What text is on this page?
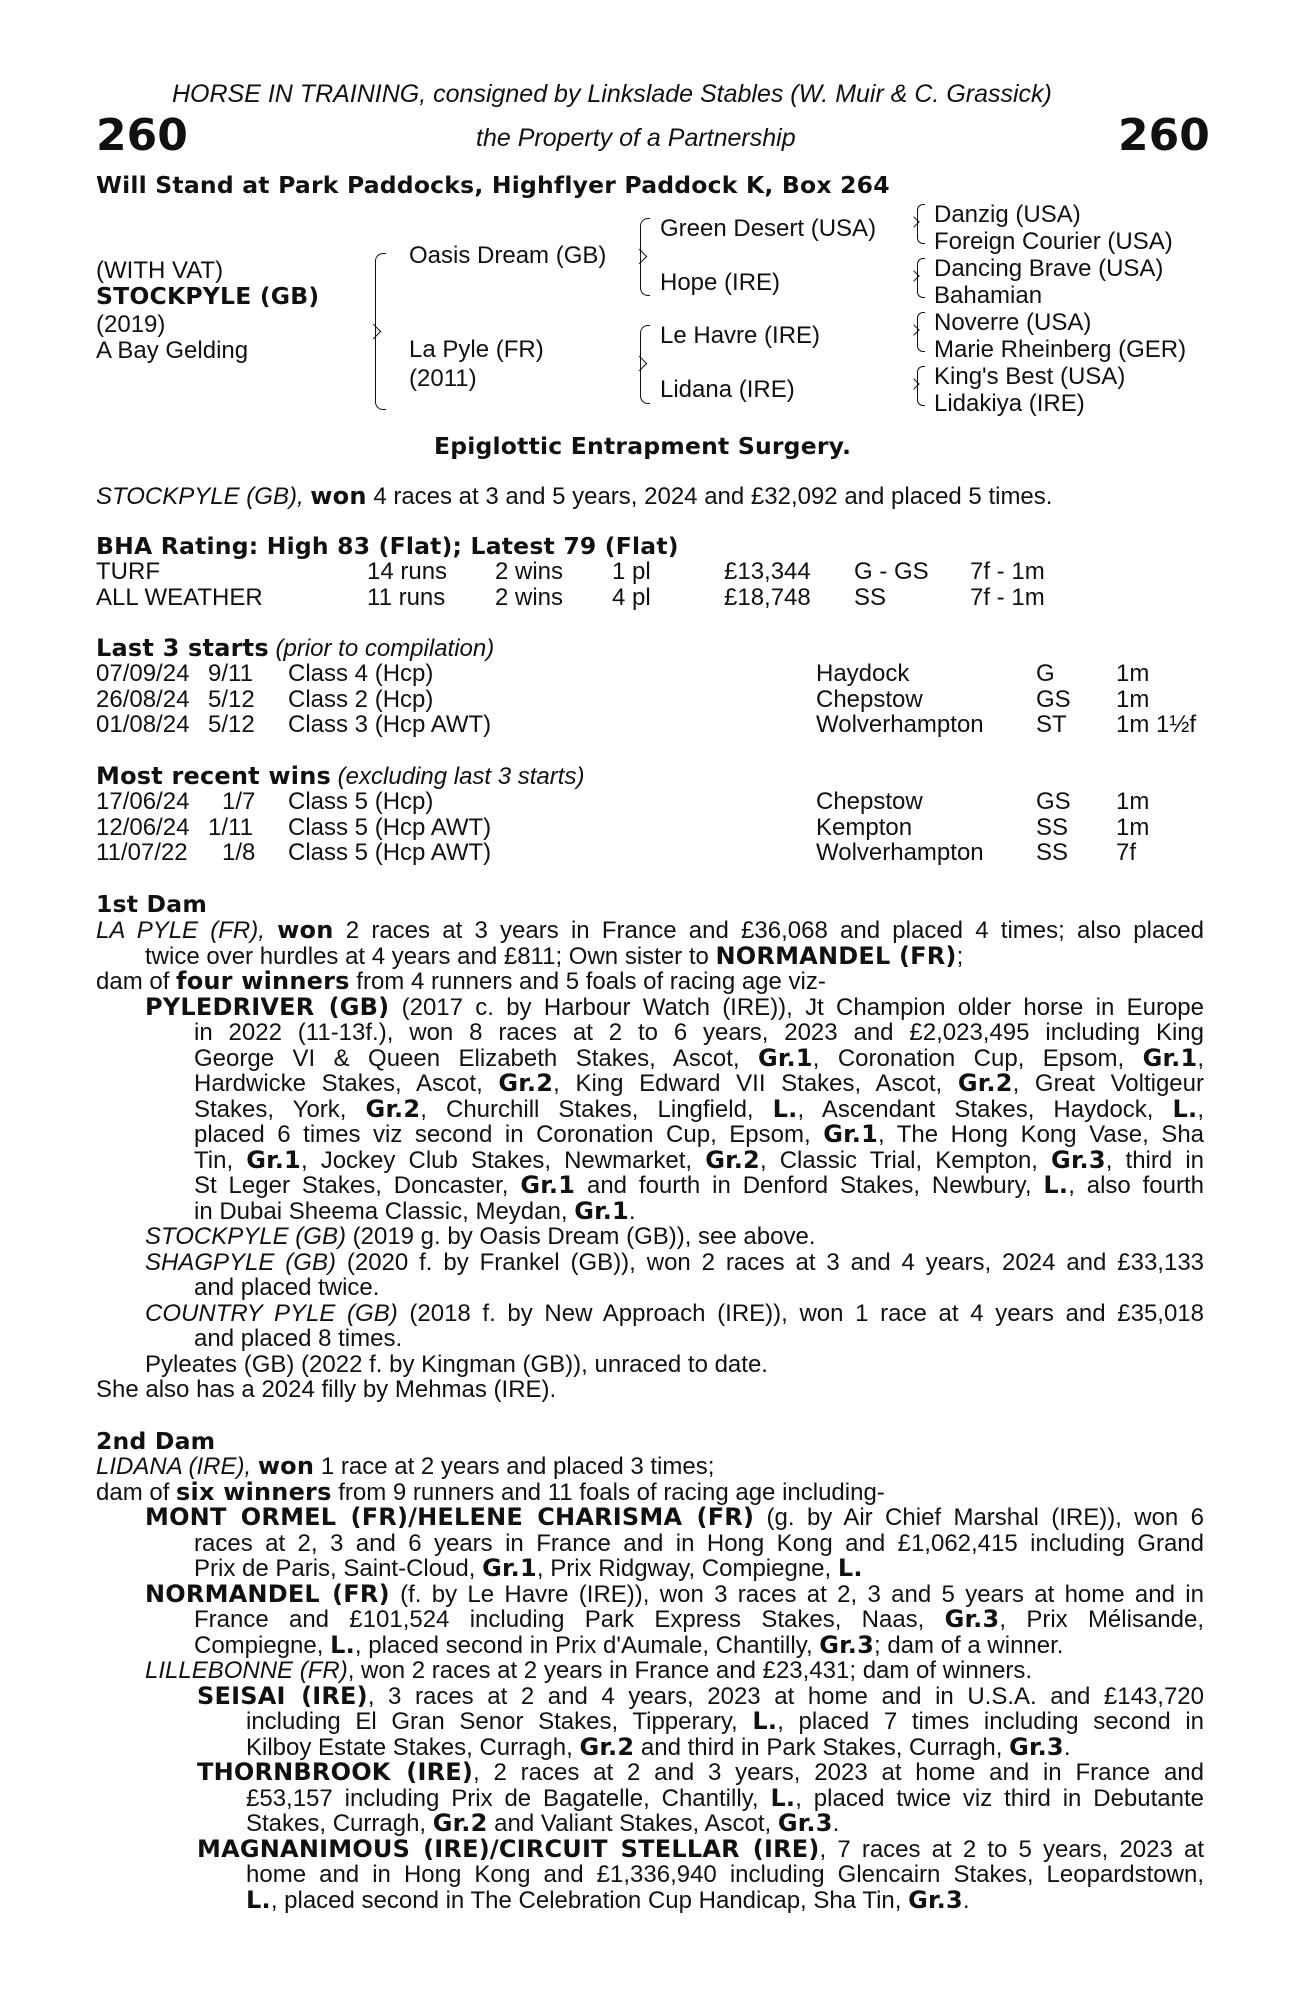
HORSE IN TRAINING, consigned by Linkslade Stables (W. Muir & C. Grassick)
260	the Property of a Partnership	260
Will Stand at Park Paddocks, Highflyer Paddock K, Box 264
(WITH VAT)
STOCKPYLE (GB)
(2019)
A Bay Gelding
Oasis Dream (GB)
La Pyle (FR)
(2011)
Green Desert (USA)
Hope (IRE)
Le Havre (IRE)
Lidana (IRE)
Danzig (USA)
Foreign Courier (USA)
Dancing Brave (USA)
Bahamian
Noverre (USA)
Marie Rheinberg (GER)
King's Best (USA)
Lidakiya (IRE)
Epiglottic Entrapment Surgery.
STOCKPYLE (GB), won 4 races at 3 and 5 years, 2024 and £32,092 and placed 5 times.
BHA Rating: High 83 (Flat); Latest 79 (Flat)
TURF	14 runs 2 wins 1 pl	£13,344 G - GS 7f - 1m
ALL WEATHER	11 runs 2 wins 4 pl	£18,748 SS	7f - 1m
Last 3 starts (prior to compilation)
07/09/24 9/11 Class 4 (Hcp)	Haydock	G	1m
26/08/24 5/12 Class 2 (Hcp)	Chepstow	GS 1m
01/08/24 5/12 Class 3 (Hcp AWT)	Wolverhampton ST 1m 1½f
Most recent wins (excluding last 3 starts)
17/06/24 1/7 Class 5 (Hcp)	Chepstow	GS 1m
12/06/24 1/11 Class 5 (Hcp AWT)	Kempton	SS 1m
11/07/22 1/8 Class 5 (Hcp AWT)	Wolverhampton SS 7f
1st Dam
LA PYLE (FR), won 2 races at 3 years in France and £36,068 and placed 4 times; also placed
twice over hurdles at 4 years and £811; Own sister to NORMANDEL (FR);
dam of four winners from 4 runners and 5 foals of racing age viz-
PYLEDRIVER (GB) (2017 c. by Harbour Watch (IRE)), Jt Champion older horse in Europe
in 2022 (11-13f.), won 8 races at 2 to 6 years, 2023 and £2,023,495 including King
George VI & Queen Elizabeth Stakes, Ascot, Gr.1, Coronation Cup, Epsom, Gr.1,
Hardwicke Stakes, Ascot, Gr.2, King Edward VII Stakes, Ascot, Gr.2, Great Voltigeur
Stakes, York, Gr.2, Churchill Stakes, Lingfield, L., Ascendant Stakes, Haydock, L.,
placed 6 times viz second in Coronation Cup, Epsom, Gr.1, The Hong Kong Vase, Sha
Tin, Gr.1, Jockey Club Stakes, Newmarket, Gr.2, Classic Trial, Kempton, Gr.3, third in
St Leger Stakes, Doncaster, Gr.1 and fourth in Denford Stakes, Newbury, L., also fourth
in Dubai Sheema Classic, Meydan, Gr.1.
STOCKPYLE (GB) (2019 g. by Oasis Dream (GB)), see above.
SHAGPYLE (GB) (2020 f. by Frankel (GB)), won 2 races at 3 and 4 years, 2024 and £33,133
and placed twice.
COUNTRY PYLE (GB) (2018 f. by New Approach (IRE)), won 1 race at 4 years and £35,018
and placed 8 times.
Pyleates (GB) (2022 f. by Kingman (GB)), unraced to date.
She also has a 2024 filly by Mehmas (IRE).
2nd Dam
LIDANA (IRE), won 1 race at 2 years and placed 3 times;
dam of six winners from 9 runners and 11 foals of racing age including-
MONT ORMEL (FR)/HELENE CHARISMA (FR) (g. by Air Chief Marshal (IRE)), won 6
races at 2, 3 and 6 years in France and in Hong Kong and £1,062,415 including Grand
Prix de Paris, Saint-Cloud, Gr.1, Prix Ridgway, Compiegne, L.
NORMANDEL (FR) (f. by Le Havre (IRE)), won 3 races at 2, 3 and 5 years at home and in
France and £101,524 including Park Express Stakes, Naas, Gr.3, Prix Mélisande,
Compiegne, L., placed second in Prix d'Aumale, Chantilly, Gr.3; dam of a winner.
LILLEBONNE (FR), won 2 races at 2 years in France and £23,431; dam of winners.
SEISAI (IRE), 3 races at 2 and 4 years, 2023 at home and in U.S.A. and £143,720
including El Gran Senor Stakes, Tipperary, L., placed 7 times including second in
Kilboy Estate Stakes, Curragh, Gr.2 and third in Park Stakes, Curragh, Gr.3.
THORNBROOK (IRE), 2 races at 2 and 3 years, 2023 at home and in France and
£53,157 including Prix de Bagatelle, Chantilly, L., placed twice viz third in Debutante
Stakes, Curragh, Gr.2 and Valiant Stakes, Ascot, Gr.3.
MAGNANIMOUS (IRE)/CIRCUIT STELLAR (IRE), 7 races at 2 to 5 years, 2023 at
home and in Hong Kong and £1,336,940 including Glencairn Stakes, Leopardstown,
L., placed second in The Celebration Cup Handicap, Sha Tin, Gr.3.
